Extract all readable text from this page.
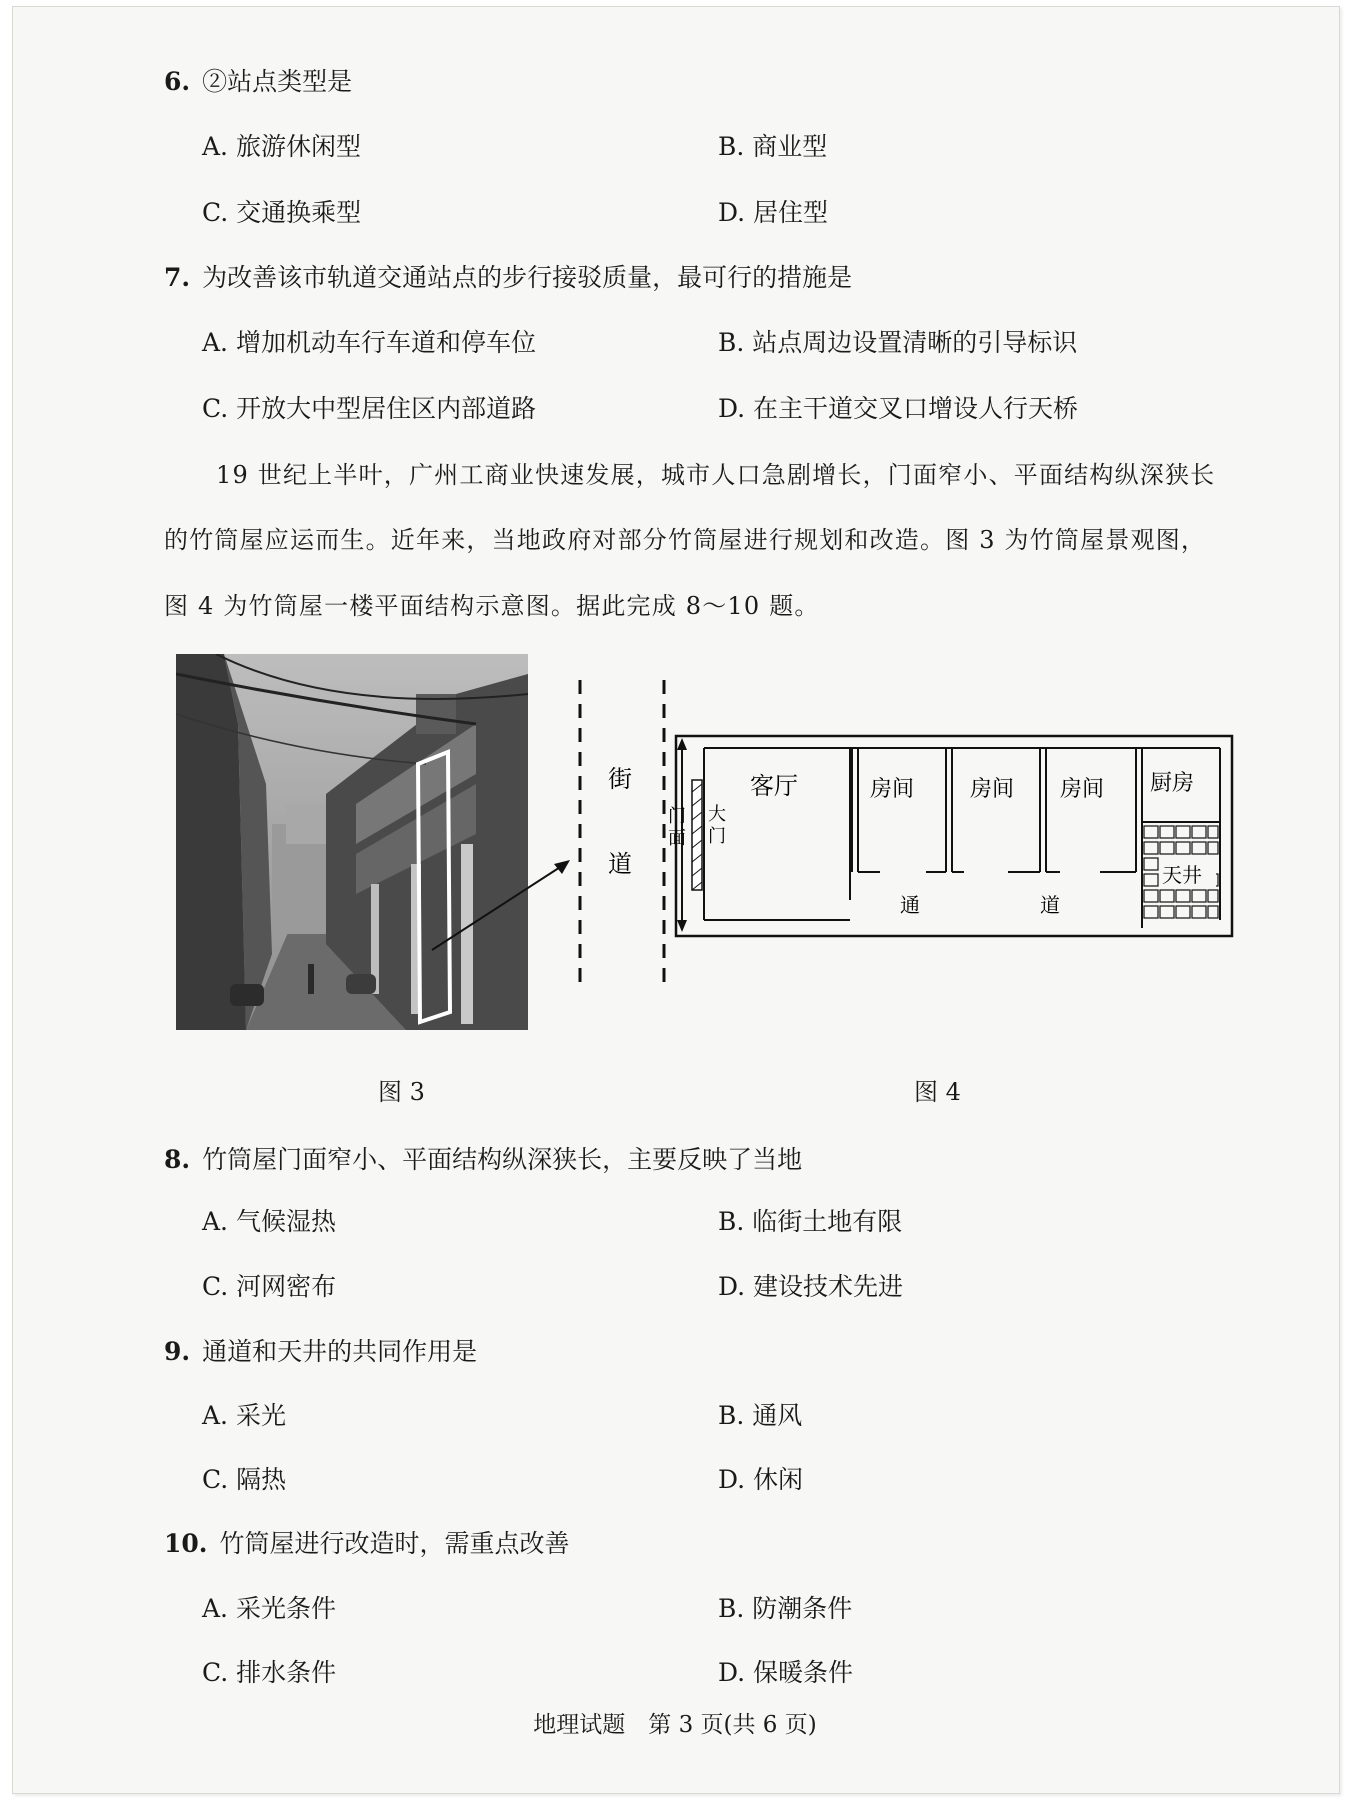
6. ②站点类型是
A. 旅游休闲型	B. 商业型
C. 交通换乘型	D. 居住型
7. 为改善该市轨道交通站点的步行接驳质量，最可行的措施是
A. 增加机动车行车道和停车位	B. 站点周边设置清晰的引导标识
C. 开放大中型居住区内部道路	D. 在主干道交叉口增设人行天桥
19 世纪上半叶，广州工商业快速发展，城市人口急剧增长，门面窄小、平面结构纵深狭长
的竹筒屋应运而生。近年来，当地政府对部分竹筒屋进行规划和改造。图 3 为竹筒屋景观图，
图 4 为竹筒屋一楼平面结构示意图。据此完成 8～10 题。
街
道
门
面
大
门
客厅	房间	房间 房间 厨房
天井
通	道
图 3	图 4
8. 竹筒屋门面窄小、平面结构纵深狭长，主要反映了当地
A. 气候湿热	B. 临街土地有限
C. 河网密布	D. 建设技术先进
9. 通道和天井的共同作用是
A. 采光	B. 通风
C. 隔热	D. 休闲
10. 竹筒屋进行改造时，需重点改善
A. 采光条件	B. 防潮条件
C. 排水条件	D. 保暖条件
地理试题　第 3 页(共 6 页)
